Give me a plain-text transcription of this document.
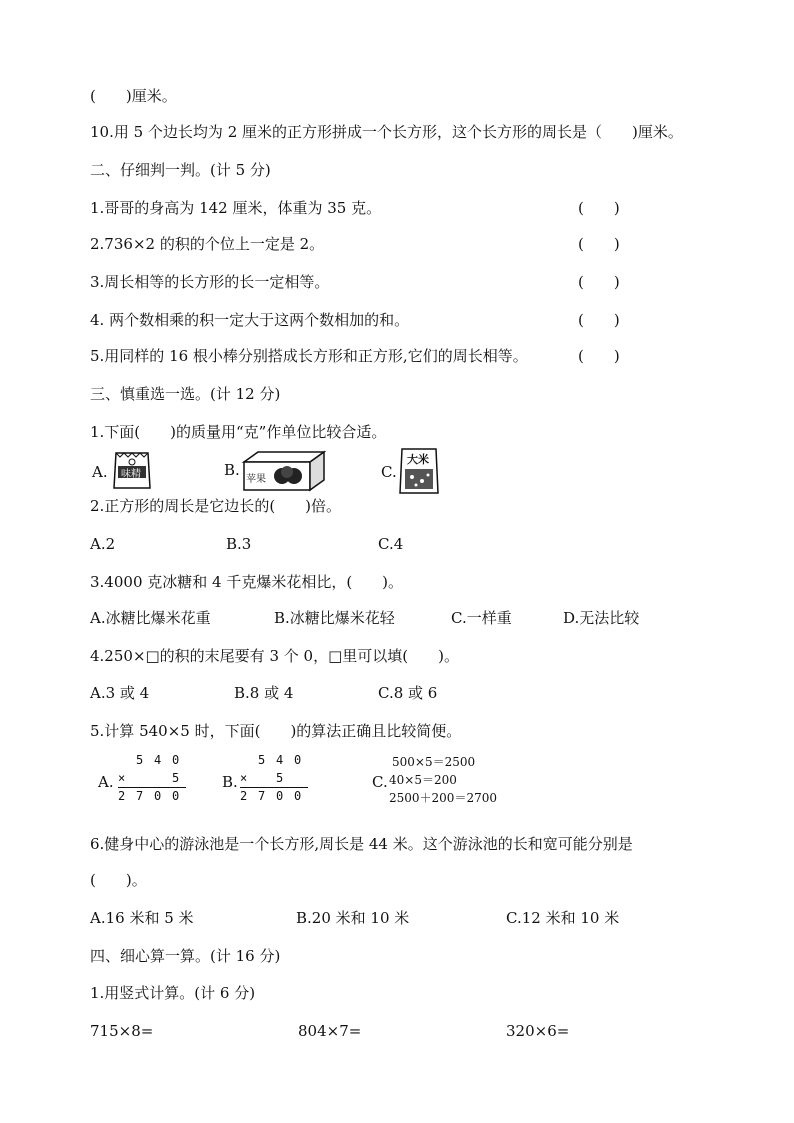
(　　)厘米。
10.用 5 个边长均为 2 厘米的正方形拼成一个长方形，这个长方形的周长是（　　)厘米。
二、仔细判一判。(计 5 分)
1.哥哥的身高为 142 厘米，体重为 35 克。	(　　)
2.736×2 的积的个位上一定是 2。	(　　)
3.周长相等的长方形的长一定相等。	(　　)
4. 两个数相乘的积一定大于这两个数相加的和。	(　　)
5.用同样的 16 根小棒分别搭成长方形和正方形,它们的周长相等。	(　　)
三、慎重选一选。(计 12 分)
1.下面(　　)的质量用“克”作单位比较合适。
A. 味精	B.
苹果	C.
大米
2.正方形的周长是它边长的(　　)倍。
A.2	B.3	C.4
3.4000 克冰糖和 4 千克爆米花相比，(　　)。
A.冰糖比爆米花重	B.冰糖比爆米花轻	C.一样重	D.无法比较
4.250×□的积的末尾要有 3 个 0，□里可以填(　　)。
A.3 或 4	B.8 或 4	C.8 或 6
5.计算 540×5 时，下面(　　)的算法正确且比较简便。
A.
5 4 0
×	5
2 7 0 0
B.
5 4 0
× 5
2 7 0 0
C.
500×5＝2500
40×5＝200
2500＋200＝2700
6.健身中心的游泳池是一个长方形,周长是 44 米。这个游泳池的长和宽可能分别是
(　　)。
A.16 米和 5 米	B.20 米和 10 米	C.12 米和 10 米
四、细心算一算。(计 16 分)
1.用竖式计算。(计 6 分)
715×8=	804×7=	320×6=
